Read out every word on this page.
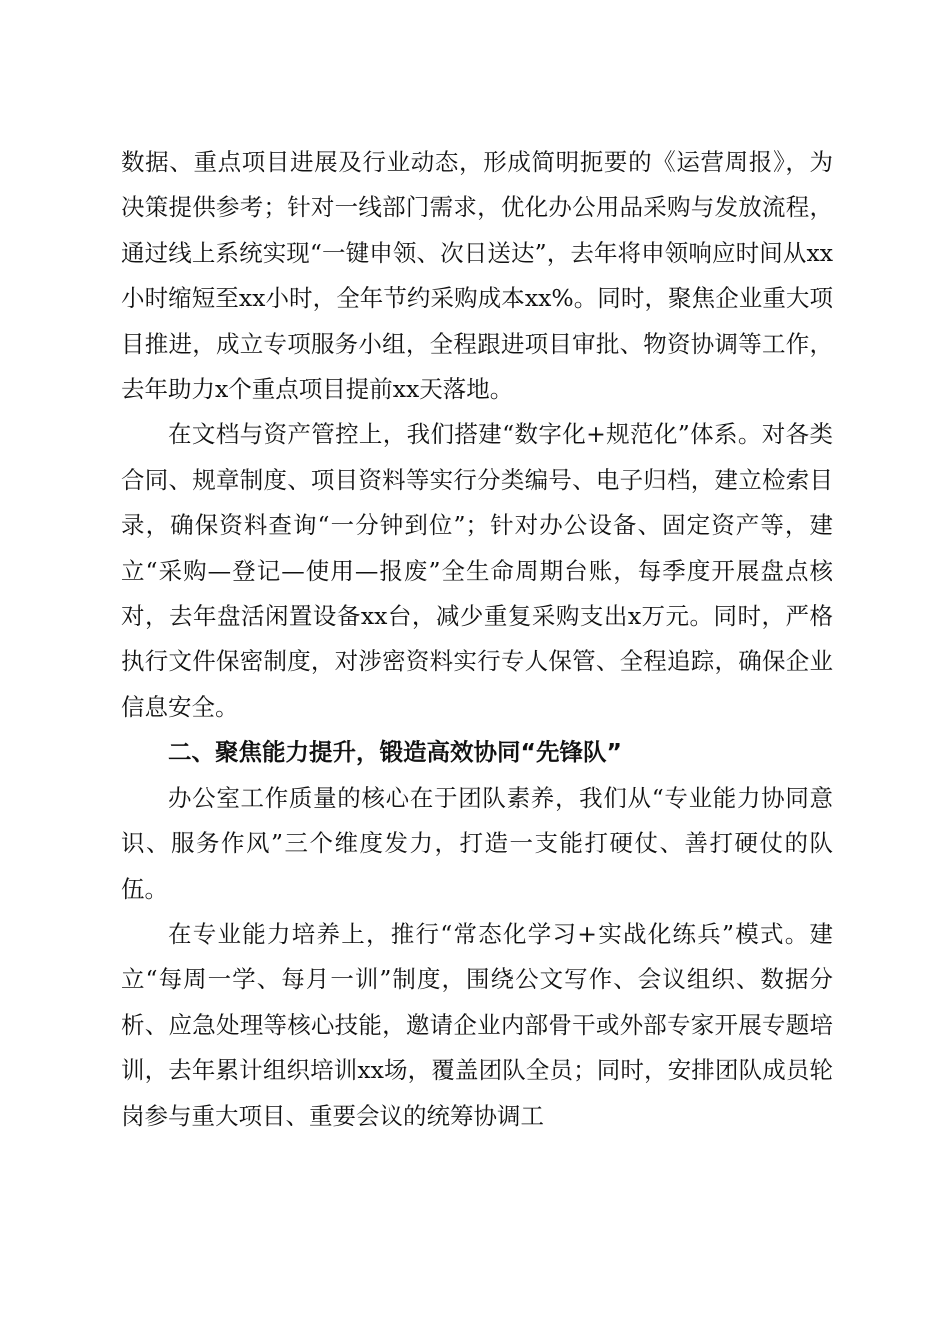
数据、重点项目进展及行业动态，形成简明扼要的《运营周报》，为决策提供参考；针对一线部门需求，优化办公用品采购与发放流程，通过线上系统实现“一键申领、次日送达”，去年将申领响应时间从xx小时缩短至xx小时，全年节约采购成本xx%。同时，聚焦企业重大项目推进，成立专项服务小组，全程跟进项目审批、物资协调等工作，去年助力x个重点项目提前xx天落地。

在文档与资产管控上，我们搭建“数字化+规范化”体系。对各类合同、规章制度、项目资料等实行分类编号、电子归档，建立检索目录，确保资料查询“一分钟到位”；针对办公设备、固定资产等，建立“采购—登记—使用—报废”全生命周期台账，每季度开展盘点核对，去年盘活闲置设备xx台，减少重复采购支出x万元。同时，严格执行文件保密制度，对涉密资料实行专人保管、全程追踪，确保企业信息安全。

二、聚焦能力提升，锻造高效协同“先锋队”

办公室工作质量的核心在于团队素养，我们从“专业能力协同意识、服务作风”三个维度发力，打造一支能打硬仗、善打硬仗的队伍。

在专业能力培养上，推行“常态化学习+实战化练兵”模式。建立“每周一学、每月一训”制度，围绕公文写作、会议组织、数据分析、应急处理等核心技能，邀请企业内部骨干或外部专家开展专题培训，去年累计组织培训xx场，覆盖团队全员；同时，安排团队成员轮岗参与重大项目、重要会议的统筹协调工
